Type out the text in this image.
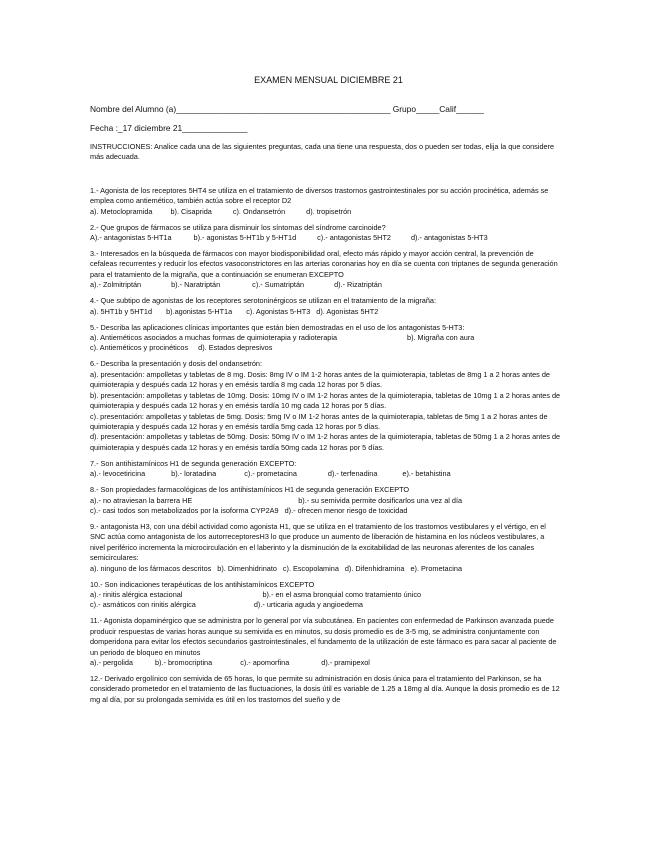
EXAMEN MENSUAL DICIEMBRE 21
Nombre del Alumno (a)______________________________________________ Grupo_____Calif______
Fecha :_17 diciembre 21______________
INSTRUCCIONES: Analice cada una de las siguientes preguntas, cada una tiene una respuesta, dos o pueden ser todas, elija la que considere más adecuada.
1.- Agonista de los receptores 5HT4 se utiliza en el tratamiento de diversos trastornos gastrointestinales por su acción procinética, además se emplea como antiemético, también actúa sobre el receptor D2
a). Metoclopramida b). Cisaprida	c). Ondansetrón	d). tropisetrón
2.- Que grupos de fármacos se utiliza para disminuir los síntomas del síndrome carcinoide?
A).- antagonistas 5-HT1a	b).- agonistas 5-HT1b y 5-HT1d	c).- antagonistas 5HT2	d).- antagonistas 5-HT3
3.- Interesados en la búsqueda de fármacos con mayor biodisponibilidad oral, efecto más rápido y mayor acción central, la prevención de cefaleas recurrentes y reducir los efectos vasoconstrictores en las arterias coronarias hoy en día se cuenta con triptanes de segunda generación para el tratamiento de la migraña, que a continuación se enumeran EXCEPTO
a).- Zolmitriptán	b).- Naratriptán	c).- Sumatriptán	d).- Rizatriptán
4.- Que subtipo de agonistas de los receptores serotoninérgicos se utilizan en el tratamiento de la migraña:
a). 5HT1b y 5HT1d b).agonistas 5-HT1a c). Agonistas 5-HT3 d). Agonistas 5HT2
5.- Describa las aplicaciones clínicas importantes que están bien demostradas en el uso de los antagonistas 5-HT3:
a). Antieméticos asociados a muchas formas de quimioterapia y radioterapia	b). Migraña con aura
c). Antieméticos y procinéticos d). Estados depresivos
6.- Describa la presentación y dosis del ondansetrón:
a). presentación: ampolletas y tabletas de 8 mg. Dosis: 8mg IV o IM 1-2 horas antes de la quimioterapia, tabletas de 8mg 1 a 2 horas antes de quimioterapia y después cada 12 horas y en emésis tardía 8 mg cada 12 horas por 5 días.
b). presentación: ampolletas y tabletas de 10mg. Dosis: 10mg IV o IM 1-2 horas antes de la quimioterapia, tabletas de 10mg 1 a 2 horas antes de quimioterapia y después cada 12 horas y en emésis tardía 10 mg cada 12 horas por 5 días.
c). presentación: ampolletas y tabletas de 5mg. Dosis: 5mg IV o IM 1-2 horas antes de la quimioterapia, tabletas de 5mg 1 a 2 horas antes de quimioterapia y después cada 12 horas y en emésis tardía 5mg cada 12 horas por 5 días.
d). presentación: ampolletas y tabletas de 50mg. Dosis: 50mg IV o IM 1-2 horas antes de la quimioterapia, tabletas de 50mg 1 a 2 horas antes de quimioterapia y después cada 12 horas y en emésis tardía 50mg cada 12 horas por 5 días.
7.- Son antihistamínicos H1 de segunda generación EXCEPTO:
a).- levocetiricina	b).- loratadina	c).- prometacina	d).- terfenadina	e).- betahistina
8.- Son propiedades farmacológicas de los antihistamínicos H1 de segunda generación EXCEPTO
a).- no atraviesan la barrera HE	b).- su semivida permite dosificarlos una vez al día
c).- casi todos son metabolizados por la isoforma CYP2A9 d).- ofrecen menor riesgo de toxicidad
9.- antagonista H3, con una débil actividad como agonista H1, que se utiliza en el tratamiento de los trastornos vestibulares y el vértigo, en el SNC actúa como antagonista de los autorreceptoresH3 lo que produce un aumento de liberación de histamina en los núcleos vestibulares, a nivel periférico incrementa la microcirculación en el laberinto y la disminución de la excitabilidad de las neuronas aferentes de los canales semicirculares:
a). ninguno de los fármacos descritos b). Dimenhidrinato c). Escopolamina d). Difenhidramina e). Prometacina
10.- Son indicaciones terapéuticas de los antihistamínicos EXCEPTO
a).- rinitis alérgica estacional	b).- en el asma bronquial como tratamiento único
c).- asmáticos con rinitis alérgica	d).- urticaria aguda y angioedema
11.- Agonista dopaminérgico que se administra por lo general por vía subcutánea. En pacientes con enfermedad de Parkinson avanzada puede producir respuestas de varias horas aunque su semivida es en minutos, su dosis promedio es de 3-5 mg, se administra conjuntamente con domperidona para evitar los efectos secundarios gastrointestinales, el fundamento de la utilización de este fármaco es para sacar al paciente de un periodo de bloqueo en minutos
a).- pergolida	b).- bromocriptina	c).- apomorfina	d).- pramipexol
12.- Derivado ergolínico con semivida de 65 horas, lo que permite su administración en dosis única para el tratamiento del Parkinson, se ha considerado prometedor en el tratamiento de las fluctuaciones, la dosis útil es variable de 1.25 a 18mg al día. Aunque la dosis promedio es de 12 mg al día, por su prolongada semivida es útil en los trastornos del sueño y de
